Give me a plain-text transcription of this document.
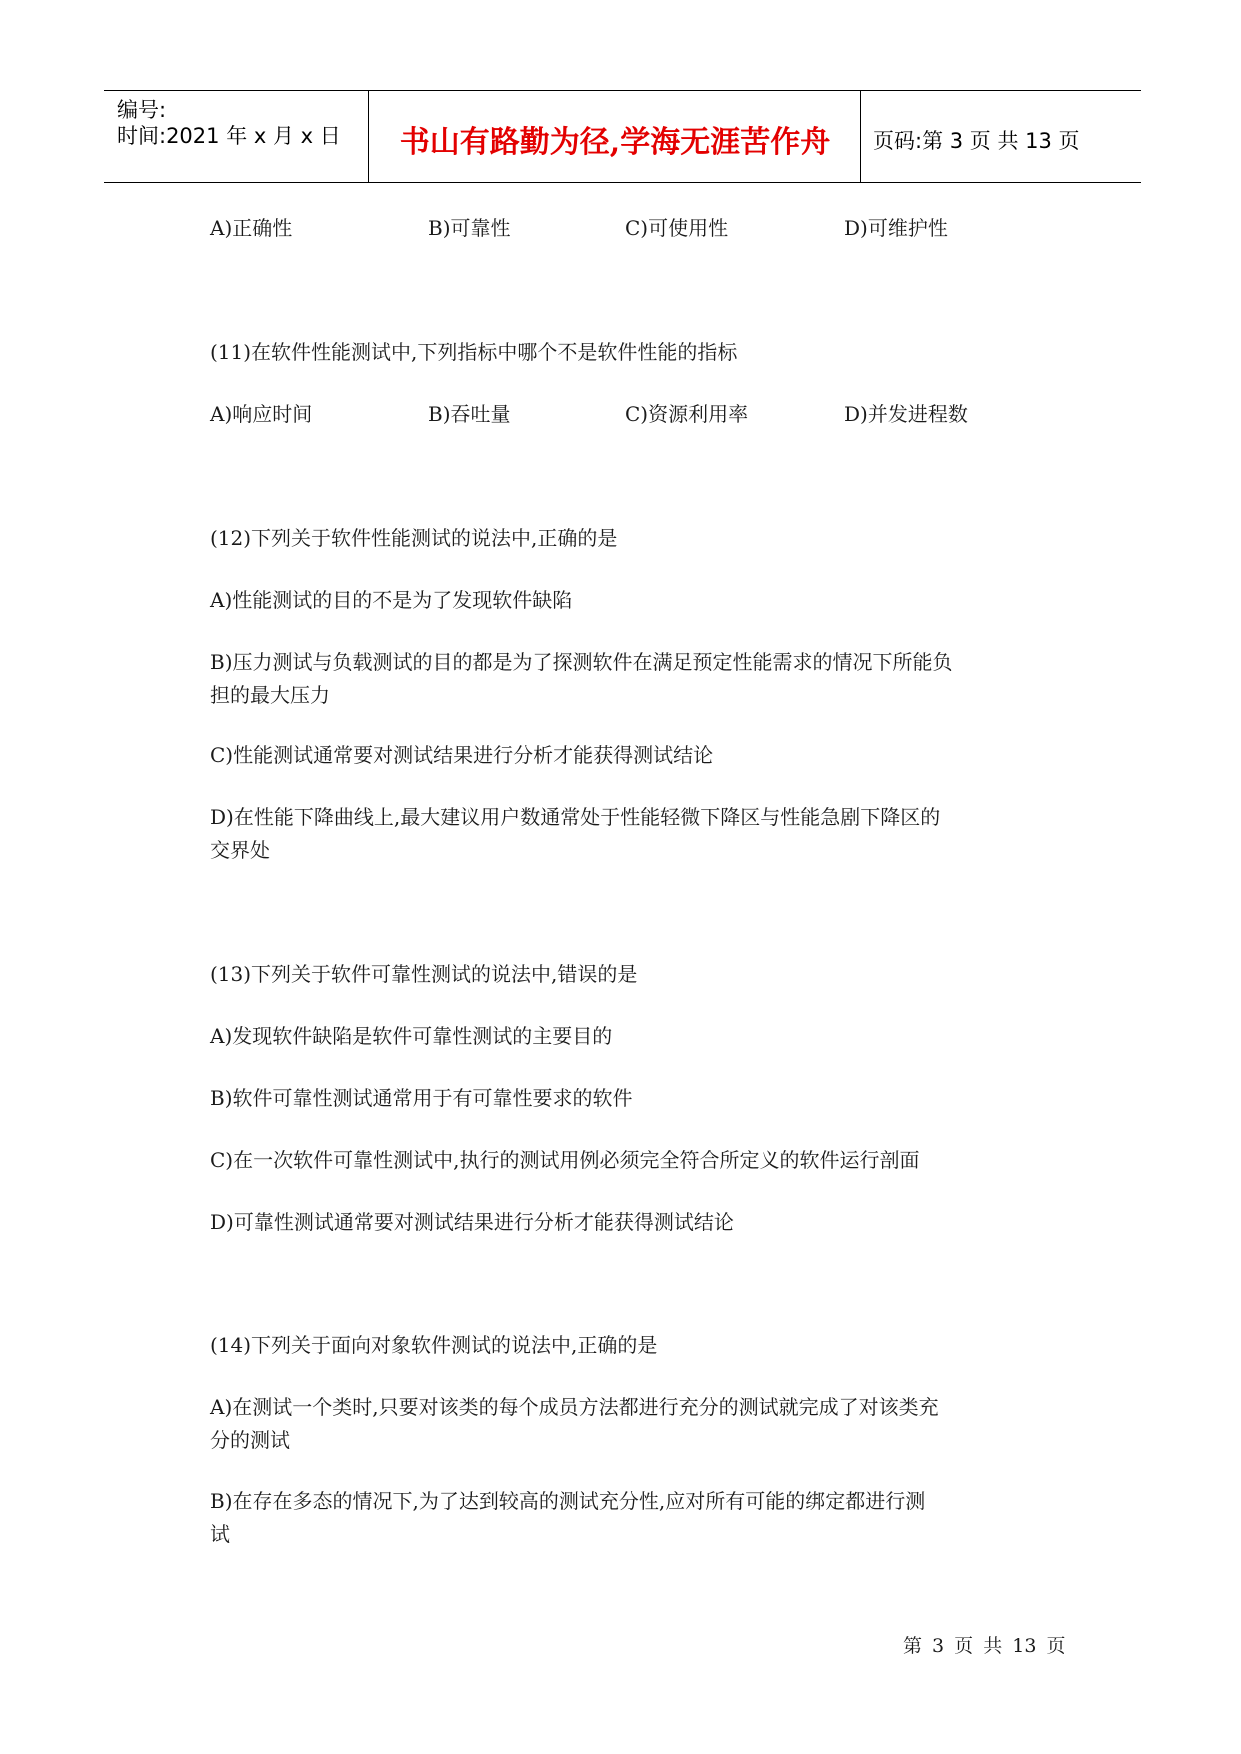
编号:
时间:2021 年 x 月 x 日	书山有路勤为径,学海无涯苦作舟	页码:第 3 页 共 13 页
A)正确性	B)可靠性	C)可使用性	D)可维护性
(11)在软件性能测试中,下列指标中哪个不是软件性能的指标
A)响应时间	B)吞吐量	C)资源利用率	D)并发进程数
(12)下列关于软件性能测试的说法中,正确的是
A)性能测试的目的不是为了发现软件缺陷
B)压力测试与负载测试的目的都是为了探测软件在满足预定性能需求的情况下所能负
担的最大压力
C)性能测试通常要对测试结果进行分析才能获得测试结论
D)在性能下降曲线上,最大建议用户数通常处于性能轻微下降区与性能急剧下降区的
交界处
(13)下列关于软件可靠性测试的说法中,错误的是
A)发现软件缺陷是软件可靠性测试的主要目的
B)软件可靠性测试通常用于有可靠性要求的软件
C)在一次软件可靠性测试中,执行的测试用例必须完全符合所定义的软件运行剖面
D)可靠性测试通常要对测试结果进行分析才能获得测试结论
(14)下列关于面向对象软件测试的说法中,正确的是
A)在测试一个类时,只要对该类的每个成员方法都进行充分的测试就完成了对该类充
分的测试
B)在存在多态的情况下,为了达到较高的测试充分性,应对所有可能的绑定都进行测
试
第 3 页 共 13 页
